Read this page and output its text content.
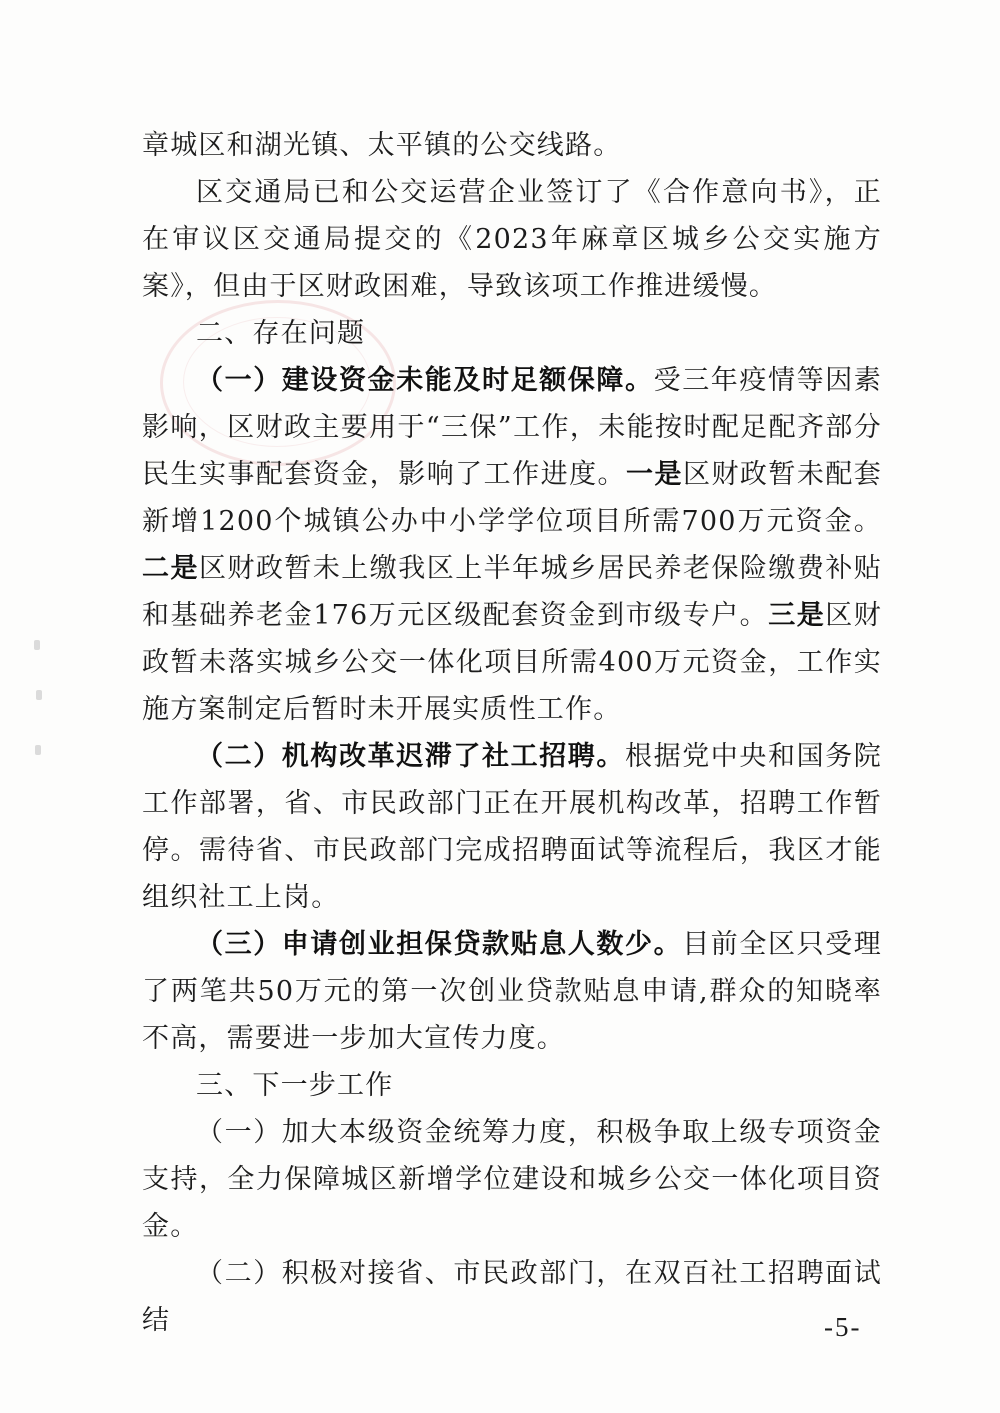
章城区和湖光镇、太平镇的公交线路。

区交通局已和公交运营企业签订了《合作意向书》，正在审议区交通局提交的《2023年麻章区城乡公交实施方案》，但由于区财政困难，导致该项工作推进缓慢。

二、存在问题

（一）建设资金未能及时足额保障。受三年疫情等因素影响，区财政主要用于“三保”工作，未能按时配足配齐部分民生实事配套资金，影响了工作进度。一是区财政暂未配套新增1200个城镇公办中小学学位项目所需700万元资金。二是区财政暂未上缴我区上半年城乡居民养老保险缴费补贴和基础养老金176万元区级配套资金到市级专户。三是区财政暂未落实城乡公交一体化项目所需400万元资金，工作实施方案制定后暂时未开展实质性工作。

（二）机构改革迟滞了社工招聘。根据党中央和国务院工作部署，省、市民政部门正在开展机构改革，招聘工作暂停。需待省、市民政部门完成招聘面试等流程后，我区才能组织社工上岗。

（三）申请创业担保贷款贴息人数少。目前全区只受理了两笔共50万元的第一次创业贷款贴息申请,群众的知晓率不高，需要进一步加大宣传力度。

三、下一步工作

（一）加大本级资金统筹力度，积极争取上级专项资金支持，全力保障城区新增学位建设和城乡公交一体化项目资金。

（二）积极对接省、市民政部门，在双百社工招聘面试结	-5-
